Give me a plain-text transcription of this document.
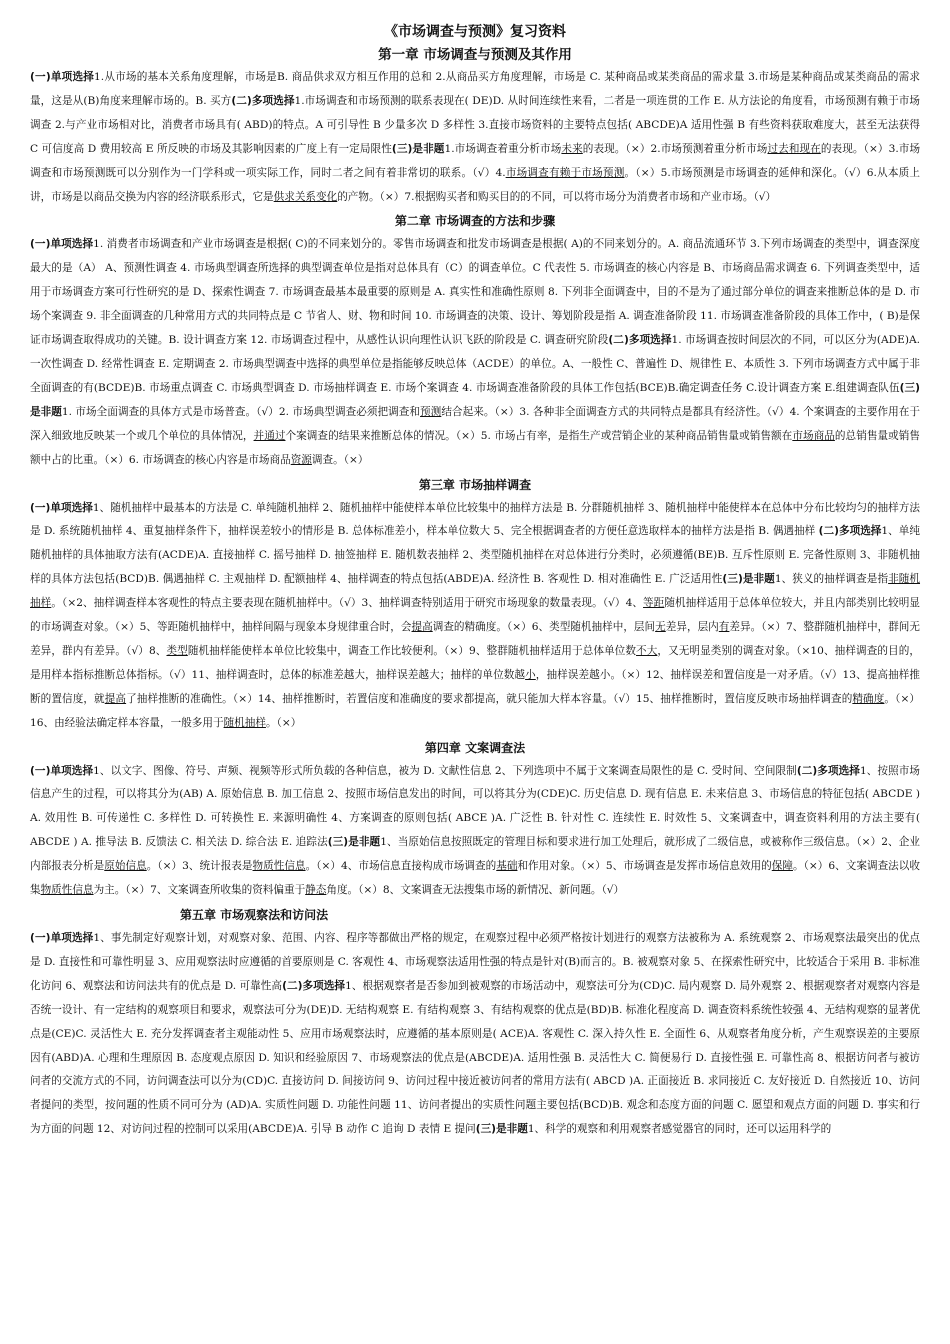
《市场调查与预测》复习资料
第一章 市场调查与预测及其作用

(一)单项选择1.从市场的基本关系角度理解，市场是B. 商品供求双方相互作用的总和 2.从商品买方角度理解，市场是 C. 某种商品或某类商品的需求量 3.市场是某种商品或某类商品的需求量，这是从(B)角度来理解市场的。B. 买方(二)多项选择1.市场调查和市场预测的联系表现在( DE)D. 从时间连续性来看，二者是一项连贯的工作 E. 从方法论的角度看，市场预测有赖于市场调查 2.与产业市场相对比，消费者市场具有( ABD)的特点。A 可引导性 B 少量多次 D 多样性 3.直接市场资料的主要特点包括( ABCDE)A 适用性强 B 有些资料获取难度大，甚至无法获得 C 可信度高 D 费用较高 E 所反映的市场及其影响因素的广度上有一定局限性(三)是非题1.市场调查着重分析市场未来的表现。（×）2.市场预测着重分析市场过去和现在的表现。（×）3.市场调查和市场预测既可以分别作为一门学科或一项实际工作，同时二者之间有着非常切的联系。（√）4.市场调查有赖于市场预测。（×）5.市场预测是市场调查的延伸和深化。（√）6.从本质上讲，市场是以商品交换为内容的经济联系形式，它是供求关系变化的产物。（×）7.根据购买者和购买目的的不同，可以将市场分为消费者市场和产业市场。（√）

第二章 市场调查的方法和步骤

(一)单项选择1. 消费者市场调查和产业市场调查是根据( C)的不同来划分的。零售市场调查和批发市场调查是根据( A)的不同来划分的。A. 商品流通环节 3.下列市场调查的类型中，调查深度最大的是（A） A、预测性调查 4. 市场典型调查所选择的典型调查单位是指对总体具有（C）的调查单位。C 代表性 5. 市场调查的核心内容是 B、市场商品需求调查 6. 下列调查类型中，适用于市场调查方案可行性研究的是 D、探索性调查 7. 市场调查最基本最重要的原则是 A. 真实性和准确性原则 8. 下列非全面调查中，目的不是为了通过部分单位的调查来推断总体的是 D. 市场个案调查 9. 非全面调查的几种常用方式的共同特点是 C 节省人、财、物和时间 10. 市场调查的决策、设计、筹划阶段是指 A. 调查准备阶段 11. 市场调查准备阶段的具体工作中，( B)是保证市场调查取得成功的关键。B. 设计调查方案 12. 市场调查过程中，从感性认识向理性认识飞跃的阶段是 C. 调查研究阶段(二)多项选择1. 市场调查按时间层次的不同，可以区分为(ADE)A. 一次性调查 D. 经常性调查 E. 定期调查 2. 市场典型调查中选择的典型单位是指能够反映总体（ACDE）的单位。A、一般性 C、普遍性 D、规律性 E、本质性 3. 下列市场调查方式中属于非全面调查的有(BCDE)B. 市场重点调查 C. 市场典型调查 D. 市场抽样调查 E. 市场个案调查 4. 市场调查准备阶段的具体工作包括(BCE)B.确定调查任务 C.设计调查方案 E.组建调查队伍(三)是非题1. 市场全面调查的具体方式是市场普查。（√）2. 市场典型调查必须把调查和预测结合起来。（×）3. 各种非全面调查方式的共同特点是都具有经济性。（√）4. 个案调查的主要作用在于深入细致地反映某一个或几个单位的具体情况，并通过个案调查的结果来推断总体的情况。（×）5. 市场占有率，是指生产或营销企业的某种商品销售量或销售额在市场商品的总销售量或销售额中占的比重。（×）6. 市场调查的核心内容是市场商品资源调查。（×）

第三章 市场抽样调查

(一)单项选择1、随机抽样中最基本的方法是 C. 单纯随机抽样 2、随机抽样中能使样本单位比较集中的抽样方法是 B. 分群随机抽样 3、随机抽样中能使样本在总体中分布比较均匀的抽样方法是 D. 系统随机抽样 4、重复抽样条件下，抽样误差较小的情形是 B. 总体标准差小，样本单位数大 5、完全根据调查者的方便任意选取样本的抽样方法是指 B. 偶遇抽样 (二)多项选择1、单纯随机抽样的具体抽取方法有(ACDE)A. 直接抽样 C. 摇号抽样 D. 抽签抽样 E. 随机数表抽样 2、类型随机抽样在对总体进行分类时，必须遵循(BE)B. 互斥性原则 E. 完备性原则 3、非随机抽样的具体方法包括(BCD)B. 偶遇抽样 C. 主观抽样 D. 配额抽样 4、抽样调查的特点包括(ABDE)A. 经济性 B. 客观性 D. 相对准确性 E. 广泛适用性(三)是非题1、狭义的抽样调查是指非随机抽样。（×2、抽样调查样本客观性的特点主要表现在随机抽样中。（√）3、抽样调查特别适用于研究市场现象的数量表现。（√）4、等距随机抽样适用于总体单位较大，并且内部类别比较明显的市场调查对象。（×）5、等距随机抽样中，抽样间隔与现象本身规律重合时，会提高调查的精确度。（×）6、类型随机抽样中，层间无差异，层内有差异。（×）7、整群随机抽样中，群间无差异，群内有差异。（√）8、类型随机抽样能使样本单位比较集中，调查工作比较便利。（×）9、整群随机抽样适用于总体单位数不大，又无明显类别的调查对象。（×10、抽样调查的目的，是用样本指标推断总体指标。（√）11、抽样调查时，总体的标准差越大，抽样误差越大；抽样的单位数越小，抽样误差越小。（×）12、抽样误差和置信度是一对矛盾。（√）13、提高抽样推断的置信度，就提高了抽样推断的准确性。（×）14、抽样推断时，若置信度和准确度的要求都提高，就只能加大样本容量。（√）15、抽样推断时，置信度反映市场抽样调查的精确度。（×）16、由经验法确定样本容量，一般多用于随机抽样。（×）

第四章 文案调查法

(一)单项选择1、以文字、图像、符号、声频、视频等形式所负载的各种信息，被为 D. 文献性信息 2、下列选项中不属于文案调查局限性的是 C. 受时间、空间限制(二)多项选择1、按照市场信息产生的过程，可以将其分为(AB) A. 原始信息 B. 加工信息 2、按照市场信息发出的时间，可以将其分为(CDE)C. 历史信息 D. 现有信息 E. 未来信息 3、市场信息的特征包括( ABCDE ) A. 效用性 B. 可传递性 C. 多样性 D. 可转换性 E. 来源明确性 4、方案调查的原则包括( ABCE )A. 广泛性 B. 针对性 C. 连续性 E. 时效性 5、文案调查中，调查资料利用的方法主要有( ABCDE ) A. 推导法 B. 反馈法 C. 相关法 D. 综合法 E. 追踪法(三)是非题1、当原始信息按照既定的管理目标和要求进行加工处理后，就形成了二级信息，或被称作三级信息。（×）2、企业内部报表分析是原始信息。（×）3、统计报表是物质性信息。（×）4、市场信息直接构成市场调查的基础和作用对象。（×）5、市场调查是发挥市场信息效用的保障。（×）6、文案调查法以收集物质性信息为主。（×）7、文案调查所收集的资料偏重于静态角度。（×）8、文案调查无法搜集市场的新情况、新问题。（√）

第五章 市场观察法和访问法

(一)单项选择1、事先制定好观察计划，对观察对象、范围、内容、程序等都做出严格的规定，在观察过程中必须严格按计划进行的观察方法被称为 A. 系统观察 2、市场观察法最突出的优点是 D. 直接性和可靠性明显 3、应用观察法时应遵循的首要原则是 C. 客观性 4、市场观察法适用性强的特点是针对(B)而言的。B. 被观察对象 5、在探索性研究中，比较适合于采用 B. 非标准化访问 6、观察法和访问法共有的优点是 D. 可靠性高(二)多项选择1、根据观察者是否参加到被观察的市场活动中，观察法可分为(CD)C. 局内观察 D. 局外观察 2、根据观察者对观察内容是否统一设计、有一定结构的观察项目和要求，观察法可分为(DE)D. 无结构观察 E. 有结构观察 3、有结构观察的优点是(BD)B. 标准化程度高 D. 调查资料系统性较强 4、无结构观察的显著优点是(CE)C. 灵活性大 E. 充分发挥调查者主观能动性 5、应用市场观察法时，应遵循的基本原则是( ACE)A. 客观性 C. 深入持久性 E. 全面性 6、从观察者角度分析，产生观察误差的主要原因有(ABD)A. 心理和生理原因 B. 态度观点原因 D. 知识和经验原因 7、市场观察法的优点是(ABCDE)A. 适用性强 B. 灵活性大 C. 简便易行 D. 直接性强 E. 可靠性高 8、根据访问者与被访问者的交流方式的不同，访问调查法可以分为(CD)C. 直接访问 D. 间接访问 9、访问过程中接近被访问者的常用方法有( ABCD )A. 正面接近 B. 求同接近 C. 友好接近 D. 自然接近 10、访问者提问的类型，按问题的性质不同可分为 (AD)A. 实质性问题 D. 功能性问题 11、访问者提出的实质性问题主要包括(BCD)B. 观念和态度方面的问题 C. 愿望和观点方面的问题 D. 事实和行为方面的问题 12、对访问过程的控制可以采用(ABCDE)A. 引导 B 动作 C 追询 D 表情 E 提问(三)是非题1、科学的观察和利用观察者感觉器官的同时，还可以运用科学的
